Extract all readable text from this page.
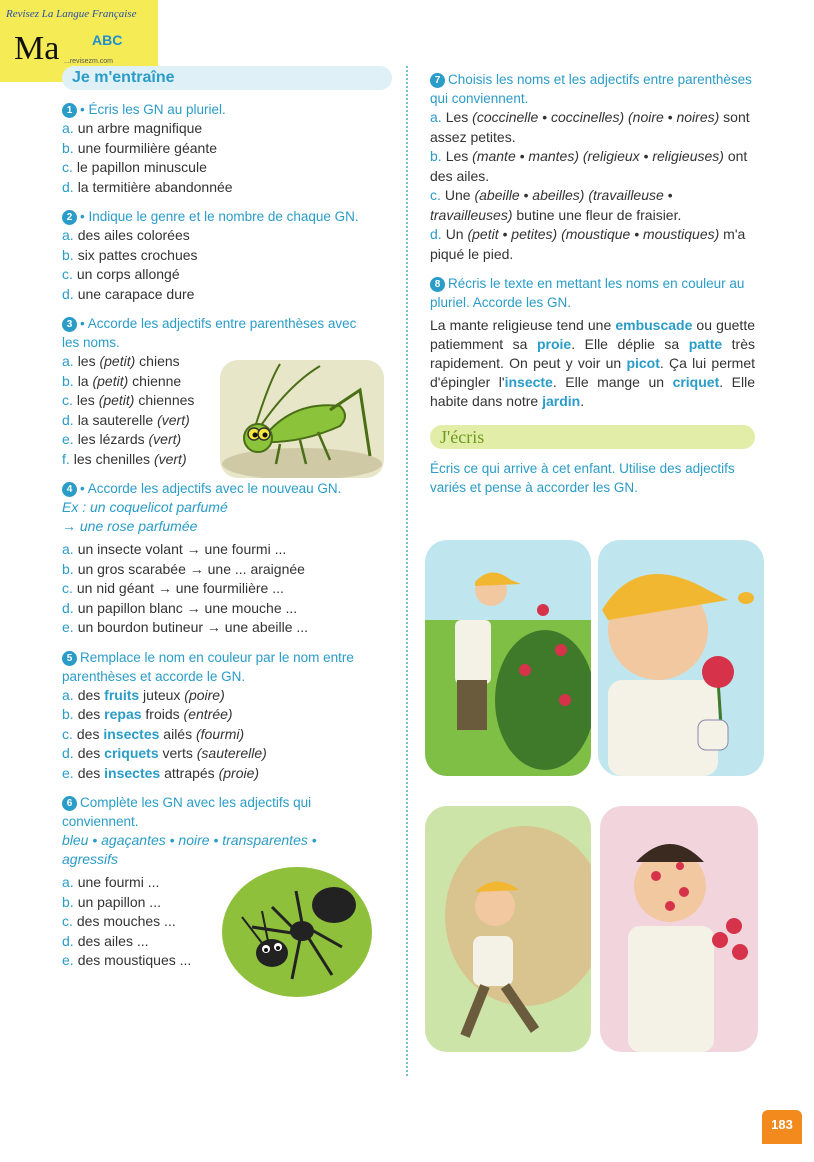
Revisez La Langue Française
Ma ABC
...revisezm.com
Je m'entraîne
1 • Écris les GN au pluriel.
a. un arbre magnifique
b. une fourmilière géante
c. le papillon minuscule
d. la termitière abandonnée
2 • Indique le genre et le nombre de chaque GN.
a. des ailes colorées
b. six pattes crochues
c. un corps allongé
d. une carapace dure
3 • Accorde les adjectifs entre parenthèses avec les noms.
a. les (petit) chiens
b. la (petit) chienne
c. les (petit) chiennes
d. la sauterelle (vert)
e. les lézards (vert)
f. les chenilles (vert)
4 • Accorde les adjectifs avec le nouveau GN.
Ex : un coquelicot parfumé
→ une rose parfumée
a. un insecte volant → une fourmi ...
b. un gros scarabée → une ... araignée
c. un nid géant → une fourmilière ...
d. un papillon blanc → une mouche ...
e. un bourdon butineur → une abeille ...
5 Remplace le nom en couleur par le nom entre parenthèses et accorde le GN.
a. des fruits juteux (poire)
b. des repas froids (entrée)
c. des insectes ailés (fourmi)
d. des criquets verts (sauterelle)
e. des insectes attrapés (proie)
6 Complète les GN avec les adjectifs qui conviennent.
bleu • agaçantes • noire • transparentes • agressifs
a. une fourmi ...
b. un papillon ...
c. des mouches ...
d. des ailes ...
e. des moustiques ...
7 Choisis les noms et les adjectifs entre parenthèses qui conviennent.
a. Les (coccinelle • coccinelles) (noire • noires) sont assez petites.
b. Les (mante • mantes) (religieux • religieuses) ont des ailes.
c. Une (abeille • abeilles) (travailleuse • travailleuses) butine une fleur de fraisier.
d. Un (petit • petites) (moustique • moustiques) m'a piqué le pied.
8 Récris le texte en mettant les noms en couleur au pluriel. Accorde les GN.
La mante religieuse tend une embuscade ou guette patiemment sa proie. Elle déplie sa patte très rapidement. On peut y voir un picot. Ça lui permet d'épingler l'insecte. Elle mange un criquet. Elle habite dans notre jardin.
J'écris
Écris ce qui arrive à cet enfant. Utilise des adjectifs variés et pense à accorder les GN.
183
